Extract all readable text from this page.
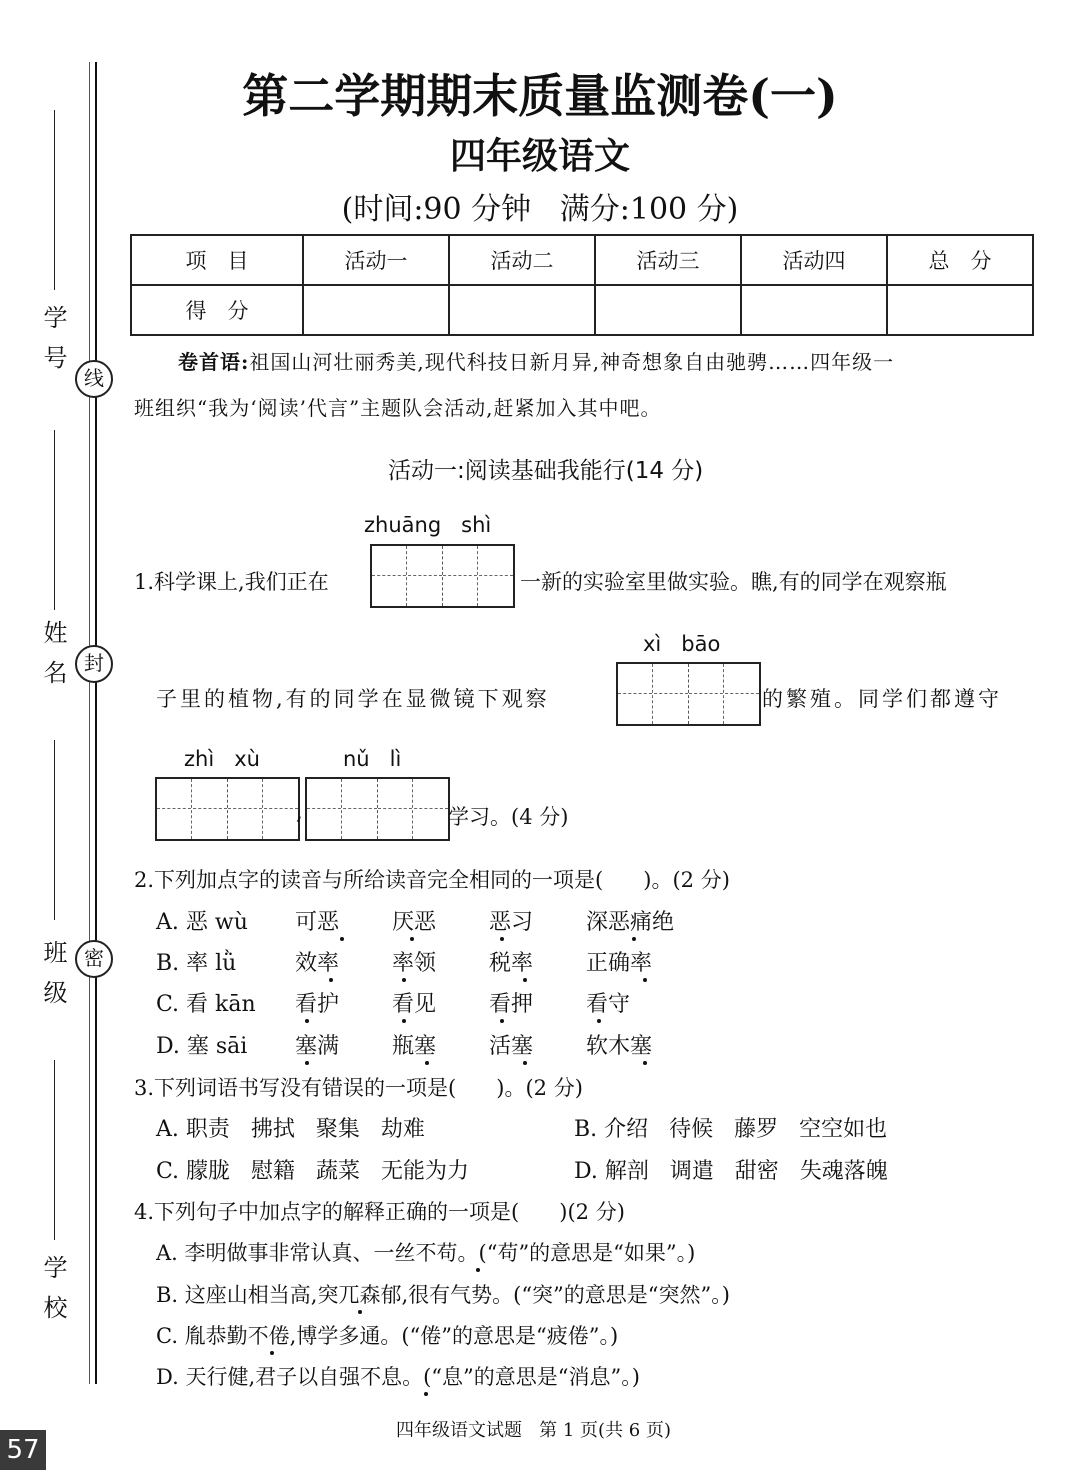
学号 线
姓名 封
班级 密
学校
第二学期期末质量监测卷(一)
四年级语文
(时间:90 分钟   满分:100 分)
项　目	活动一	活动二	活动三	活动四	总　分
得　分					
卷首语:祖国山河壮丽秀美,现代科技日新月异,神奇想象自由驰骋……四年级一
班组织“我为‘阅读’代言”主题队会活动,赶紧加入其中吧。
活动一:阅读基础我能行(14 分)
zhuāng   shì
1.科学课上,我们正在	一新的实验室里做实验。瞧,有的同学在观察瓶
xì   bāo
子里的植物,有的同学在显微镜下观察	的繁殖。同学们都遵守
zhì   xù	nǔ   lì
,	学习。(4 分)
2.下列加点字的读音与所给读音完全相同的一项是(      )。(2 分)
A. 恶 wù 可恶 厌恶 恶习 深恶痛绝
B. 率 lǜ	效率 率领 税率 正确率
C. 看 kān 看护 看见 看押 看守
D. 塞 sāi 塞满 瓶塞 活塞 软木塞
3.下列词语书写没有错误的一项是(      )。(2 分)
A. 职责   拂拭   聚集   劫难	B. 介绍   待候   藤罗   空空如也
C. 朦胧   慰籍   蔬菜   无能为力	D. 解剖   调遣   甜密   失魂落魄
4.下列句子中加点字的解释正确的一项是(      )(2 分)
A. 李明做事非常认真、一丝不苟。(“苟”的意思是“如果”。)
B. 这座山相当高,突兀森郁,很有气势。(“突”的意思是“突然”。)
C. 胤恭勤不倦,博学多通。(“倦”的意思是“疲倦”。)
D. 天行健,君子以自强不息。(“息”的意思是“消息”。)
四年级语文试题   第 1 页(共 6 页)
57
